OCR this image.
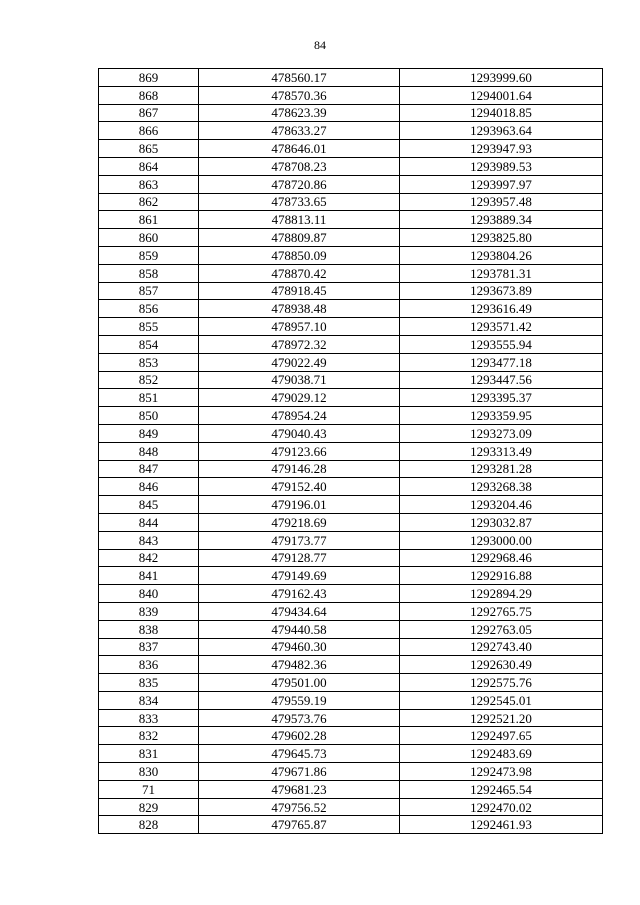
84
869	478560.17	1293999.60
868	478570.36	1294001.64
867	478623.39	1294018.85
866	478633.27	1293963.64
865	478646.01	1293947.93
864	478708.23	1293989.53
863	478720.86	1293997.97
862	478733.65	1293957.48
861	478813.11	1293889.34
860	478809.87	1293825.80
859	478850.09	1293804.26
858	478870.42	1293781.31
857	478918.45	1293673.89
856	478938.48	1293616.49
855	478957.10	1293571.42
854	478972.32	1293555.94
853	479022.49	1293477.18
852	479038.71	1293447.56
851	479029.12	1293395.37
850	478954.24	1293359.95
849	479040.43	1293273.09
848	479123.66	1293313.49
847	479146.28	1293281.28
846	479152.40	1293268.38
845	479196.01	1293204.46
844	479218.69	1293032.87
843	479173.77	1293000.00
842	479128.77	1292968.46
841	479149.69	1292916.88
840	479162.43	1292894.29
839	479434.64	1292765.75
838	479440.58	1292763.05
837	479460.30	1292743.40
836	479482.36	1292630.49
835	479501.00	1292575.76
834	479559.19	1292545.01
833	479573.76	1292521.20
832	479602.28	1292497.65
831	479645.73	1292483.69
830	479671.86	1292473.98
71	479681.23	1292465.54
829	479756.52	1292470.02
828	479765.87	1292461.93
